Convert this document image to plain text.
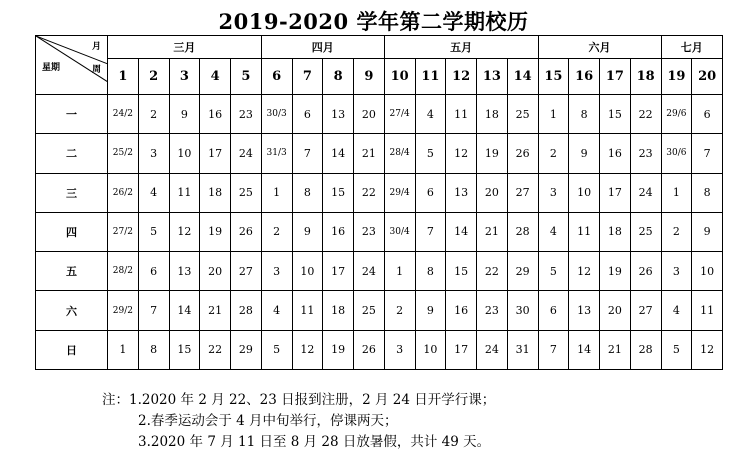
2019-2020 学年第二学期校历
月
周
星期	三月					四月				五月					六月				七月	
	1	2	3	4	5	6	7	8	9	10	11	12	13	14	15	16	17	18	19	20
一	24/2	2	9	16	23	30/3	6	13	20	27/4	4	11	18	25	1	8	15	22	29/6	6
二	25/2	3	10	17	24	31/3	7	14	21	28/4	5	12	19	26	2	9	16	23	30/6	7
三	26/2	4	11	18	25	1	8	15	22	29/4	6	13	20	27	3	10	17	24	1	8
四	27/2	5	12	19	26	2	9	16	23	30/4	7	14	21	28	4	11	18	25	2	9
五	28/2	6	13	20	27	3	10	17	24	1	8	15	22	29	5	12	19	26	3	10
六	29/2	7	14	21	28	4	11	18	25	2	9	16	23	30	6	13	20	27	4	11
日	1	8	15	22	29	5	12	19	26	3	10	17	24	31	7	14	21	28	5	12
注：1.2020 年 2 月 22、23 日报到注册，2 月 24 日开学行课；
2.春季运动会于 4 月中旬举行，停课两天；
3.2020 年 7 月 11 日至 8 月 28 日放暑假，共计 49 天。
